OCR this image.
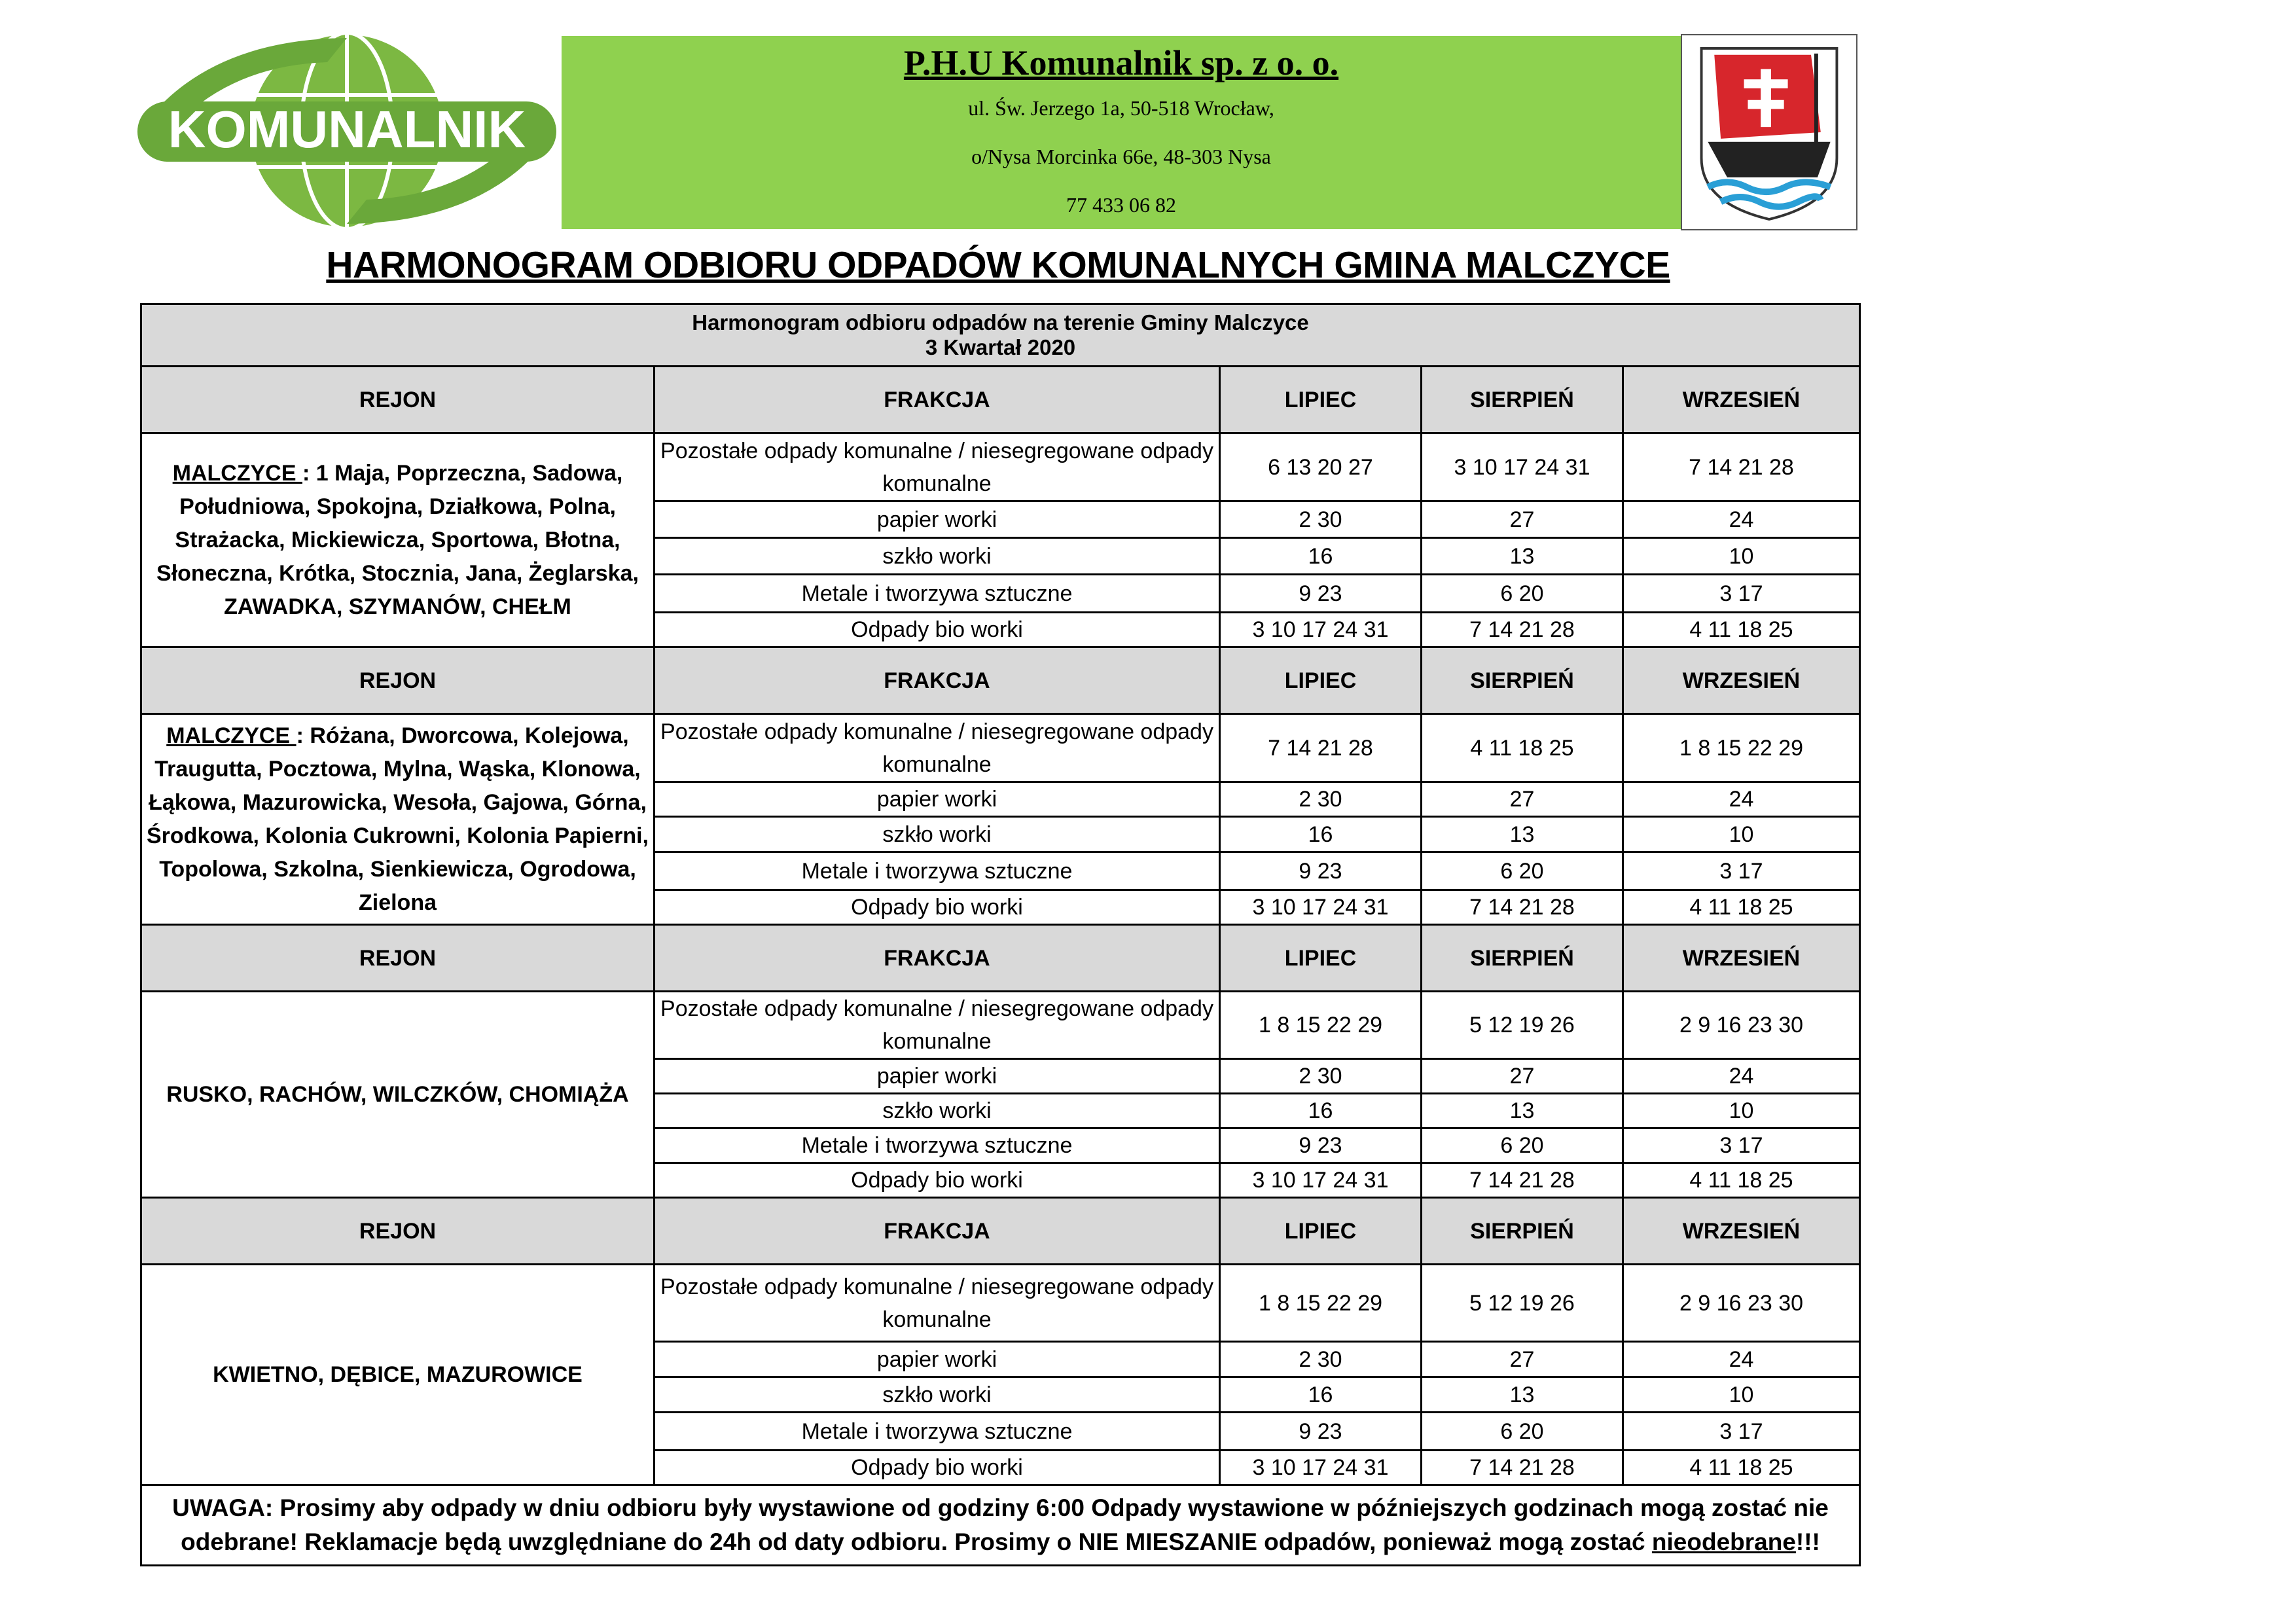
KOMUNALNIK
P.H.U Komunalnik sp. z o. o.
ul. Św. Jerzego 1a, 50-518 Wrocław,
o/Nysa Morcinka 66e, 48-303 Nysa
77 433 06 82
HARMONOGRAM ODBIORU ODPADÓW KOMUNALNYCH GMINA MALCZYCE
Harmonogram odbioru odpadów na terenie Gminy Malczyce
3 Kwartał 2020				

REJON	FRAKCJA	LIPIEC	SIERPIEŃ	WRZESIEŃ
MALCZYCE : 1 Maja, Poprzeczna, Sadowa, Południowa, Spokojna, Działkowa, Polna, Strażacka, Mickiewicza, Sportowa, Błotna, Słoneczna, Krótka, Stocznia, Jana, Żeglarska, ZAWADKA, SZYMANÓW, CHEŁM	Pozostałe odpady komunalne / niesegregowane odpady komunalne	6 13 20 27	3 10 17 24 31	7 14 21 28
	papier worki	2 30	27	24
	szkło worki	16	13	10
	Metale i tworzywa sztuczne	9 23	6 20	3 17
	Odpady bio worki	3 10 17 24 31	7 14 21 28	4 11 18 25
REJON	FRAKCJA	LIPIEC	SIERPIEŃ	WRZESIEŃ
MALCZYCE : Różana, Dworcowa, Kolejowa, Traugutta, Pocztowa, Mylna, Wąska, Klonowa, Łąkowa, Mazurowicka, Wesoła, Gajowa, Górna, Środkowa, Kolonia Cukrowni, Kolonia Papierni, Topolowa, Szkolna, Sienkiewicza, Ogrodowa, Zielona	Pozostałe odpady komunalne / niesegregowane odpady komunalne	7 14 21 28	4 11 18 25	1 8 15 22 29
	papier worki	2 30	27	24
	szkło worki	16	13	10
	Metale i tworzywa sztuczne	9 23	6 20	3 17
	Odpady bio worki	3 10 17 24 31	7 14 21 28	4 11 18 25
REJON	FRAKCJA	LIPIEC	SIERPIEŃ	WRZESIEŃ
RUSKO, RACHÓW, WILCZKÓW, CHOMIĄŻA	Pozostałe odpady komunalne / niesegregowane odpady komunalne	1 8 15 22 29	5 12 19 26	2 9 16 23 30
	papier worki	2 30	27	24
	szkło worki	16	13	10
	Metale i tworzywa sztuczne	9 23	6 20	3 17
	Odpady bio worki	3 10 17 24 31	7 14 21 28	4 11 18 25
REJON	FRAKCJA	LIPIEC	SIERPIEŃ	WRZESIEŃ
KWIETNO, DĘBICE, MAZUROWICE	Pozostałe odpady komunalne / niesegregowane odpady komunalne	1 8 15 22 29	5 12 19 26	2 9 16 23 30
	papier worki	2 30	27	24
	szkło worki	16	13	10
	Metale i tworzywa sztuczne	9 23	6 20	3 17
	Odpady bio worki	3 10 17 24 31	7 14 21 28	4 11 18 25
UWAGA: Prosimy aby odpady w dniu odbioru były wystawione od godziny 6:00 Odpady wystawione w późniejszych godzinach mogą zostać nie odebrane! Reklamacje będą uwzględniane do 24h od daty odbioru. Prosimy o NIE MIESZANIE odpadów, ponieważ mogą zostać nieodebrane!!!				
